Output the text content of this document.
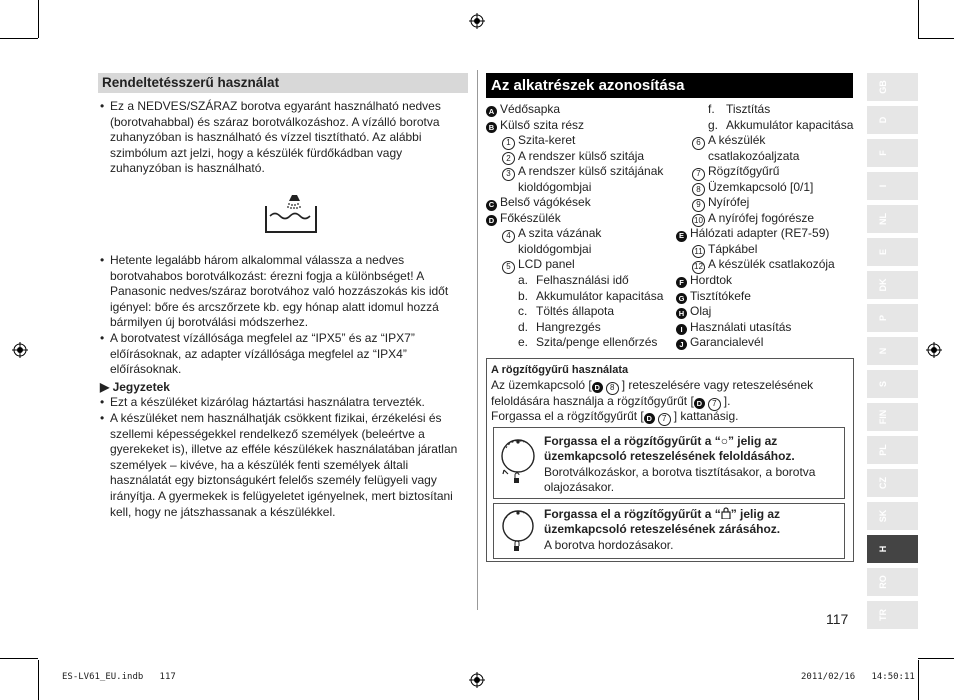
Rendeltetésszerű használat
• Ez a NEDVES/SZÁRAZ borotva egyaránt használható nedves (borotvahabbal) és száraz borotválkozáshoz. A vízálló borotva zuhanyzóban is használható és vízzel tisztítható. Az alábbi szimbólum azt jelzi, hogy a készülék fürdőkádban vagy zuhanyzóban is használható.
• Hetente legalább három alkalommal válassza a nedves borotvahabos borotválkozást: érezni fogja a különbséget! A Panasonic nedves/száraz borotvához való hozzászokás kis időt igényel: bőre és arcszőrzete kb. egy hónap alatt idomul hozzá bármilyen új borotválási módszerhez.
• A borotvatest vízállósága megfelel az “IPX5” és az “IPX7” előírásoknak, az adapter vízállósága megfelel az “IPX4” előírásoknak.
▶ Jegyzetek
• Ezt a készüléket kizárólag háztartási használatra tervezték.
• A készüléket nem használhatják csökkent fizikai, érzékelési és szellemi képességekkel rendelkező személyek (beleértve a gyerekeket is), illetve az efféle készülékek használatában járatlan személyek – kivéve, ha a készülék fenti személyek általi használatát egy biztonságukért felelős személy felügyeli vagy irányítja. A gyermekek is felügyeletet igényelnek, mert biztosítani kell, hogy ne játszhassanak a készülékkel.
Az alkatrészek azonosítása
A Védősapka
B Külső szita rész
1 Szita-keret
2 A rendszer külső szitája
3 A rendszer külső szitájának
kioldógombjai
C Belső vágókések
D Főkészülék
4 A szita vázának
kioldógombjai
5 LCD panel
a. Felhasználási idő
b. Akkumulátor kapacitása
c. Töltés állapota
d. Hangrezgés
e. Szita/penge ellenőrzés
f. Tisztítás
g. Akkumulátor kapacitása
6 A készülék
csatlakozóaljzata
7 Rögzítőgyűrű
8 Üzemkapcsoló [0/1]
9 Nyírófej
10 A nyírófej fogórésze
E Hálózati adapter (RE7-59)
11 Tápkábel
12 A készülék csatlakozója
F Hordtok
G Tisztítókefe
H Olaj
I Használati utasítás
J Garancialevél
A rögzítőgyűrű használata
Az üzemkapcsoló [ D 8 ] reteszelésére vagy reteszelésének
feloldására használja a rögzítőgyűrűt [ D 7 ].
Forgassa el a rögzítőgyűrűt [ D 7 ] kattanásig.
Forgassa el a rögzítőgyűrűt a “○” jelig az
üzemkapcsoló reteszelésének feloldásához.
Borotválkozáskor, a borotva tisztításakor, a borotva
olajozásakor.
Forgassa el a rögzítőgyűrűt a “ ” jelig az
üzemkapcsoló reteszelésének zárásához.
A borotva hordozásakor.
117
GB
D
F
I
NL
E
DK
P
N
S
FIN
PL
CZ
SK
H
RO
TR
ES-LV61_EU.indb 117	2011/02/16 14:50:11
